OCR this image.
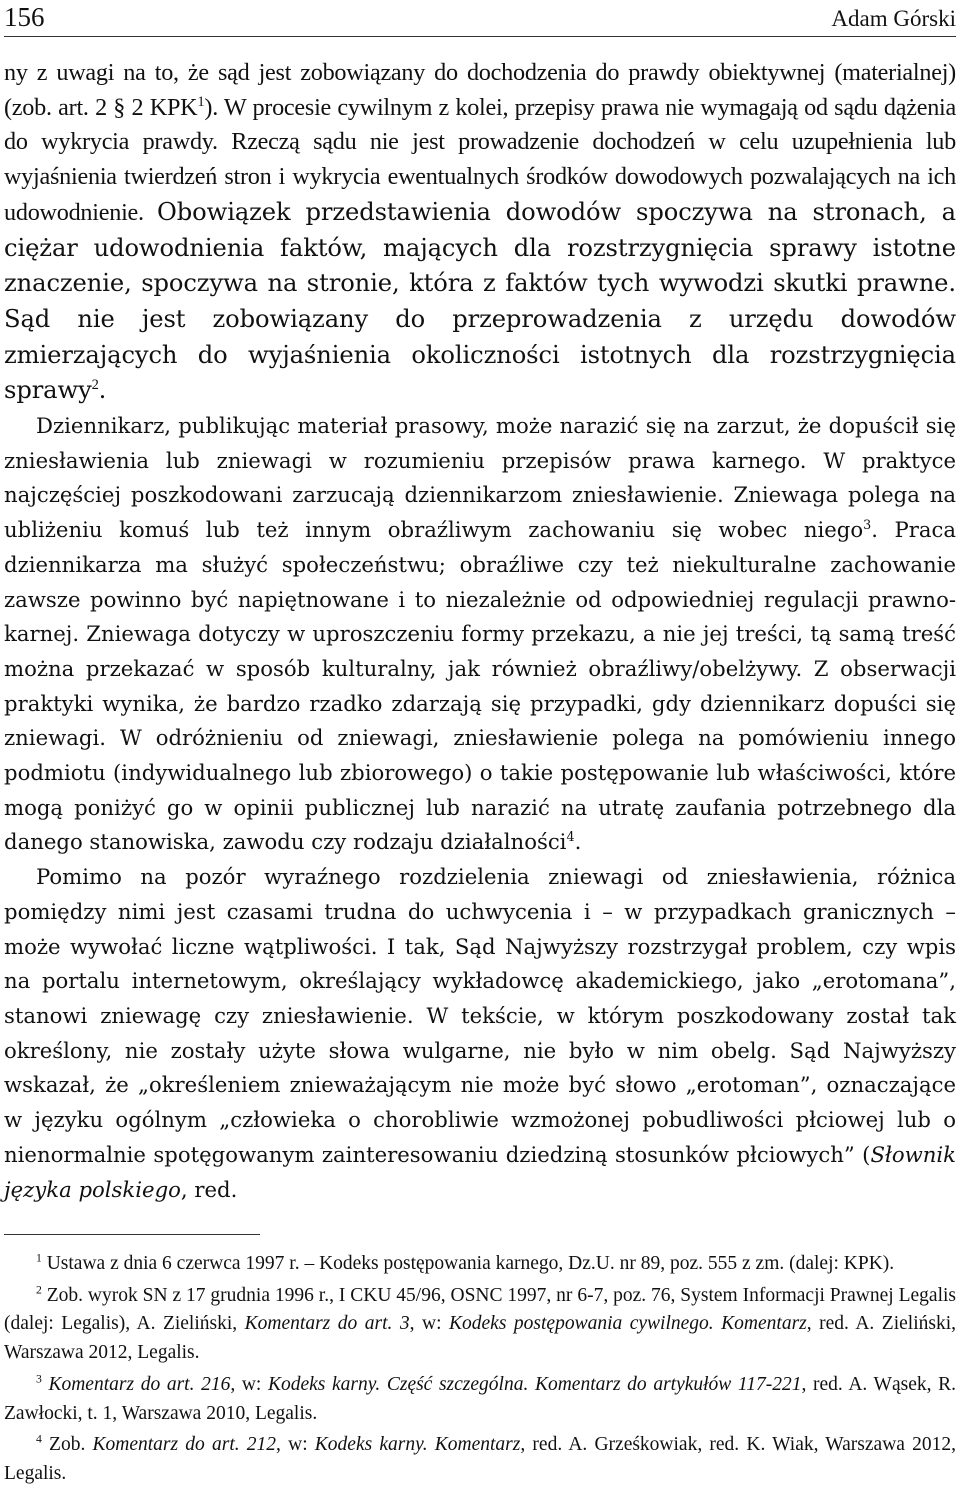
156	Adam Górski

ny z uwagi na to, że sąd jest zobowiązany do dochodzenia do prawdy obiektywnej (materialnej) (zob. art. 2 § 2 KPK$^1$). W procesie cywilnym z kolei, przepisy prawa nie wymagają od sądu dążenia do wykrycia prawdy. Rzeczą sądu nie jest prowadzenie dochodzeń w celu uzupełnienia lub wyjaśnienia twierdzeń stron i wykrycia ewentualnych środków dowodowych pozwalających na ich udowodnienie. Obowiązek przedstawienia dowodów spoczywa na stronach, a ciężar udowodnienia faktów, mających dla rozstrzygnięcia sprawy istotne znaczenie, spoczywa na stronie, która z faktów tych wywodzi skutki prawne. Sąd nie jest zobowiązany do przeprowadzenia z urzędu dowodów zmierzających do wyjaśnienia okoliczności istotnych dla rozstrzygnięcia sprawy$^2$.

Dziennikarz, publikując materiał prasowy, może narazić się na zarzut, że dopuścił się zniesławienia lub zniewagi w rozumieniu przepisów prawa karnego. W praktyce najczęściej poszkodowani zarzucają dziennikarzom zniesławienie. Zniewaga polega na ubliżeniu komuś lub też innym obraźliwym zachowaniu się wobec niego$^3$. Praca dziennikarza ma służyć społeczeństwu; obraźliwe czy też niekulturalne zachowanie zawsze powinno być napiętnowane i to niezależnie od odpowiedniej regulacji prawno-karnej. Zniewaga dotyczy w uproszczeniu formy przekazu, a nie jej treści, tą samą treść można przekazać w sposób kulturalny, jak również obraźliwy/obelżywy. Z obserwacji praktyki wynika, że bardzo rzadko zdarzają się przypadki, gdy dziennikarz dopuści się zniewagi. W odróżnieniu od zniewagi, zniesławienie polega na pomówieniu innego podmiotu (indywidualnego lub zbiorowego) o takie postępowanie lub właściwości, które mogą poniżyć go w opinii publicznej lub narazić na utratę zaufania potrzebnego dla danego stanowiska, zawodu czy rodzaju działalności$^4$.

Pomimo na pozór wyraźnego rozdzielenia zniewagi od zniesławienia, różnica pomiędzy nimi jest czasami trudna do uchwycenia i – w przypadkach granicznych – może wywołać liczne wątpliwości. I tak, Sąd Najwyższy rozstrzygał problem, czy wpis na portalu internetowym, określający wykładowcę akademickiego, jako „erotomana”, stanowi zniewagę czy zniesławienie. W tekście, w którym poszkodowany został tak określony, nie zostały użyte słowa wulgarne, nie było w nim obelg. Sąd Najwyższy wskazał, że „określeniem znieważającym nie może być słowo „erotoman”, oznaczające w języku ogólnym „człowieka o chorobliwie wzmożonej pobudliwości płciowej lub o nienormalnie spotęgowanym zainteresowaniu dziedziną stosunków płciowych” (Słownik języka polskiego, red.

$^1$ Ustawa z dnia 6 czerwca 1997 r. – Kodeks postępowania karnego, Dz.U. nr 89, poz. 555 z zm. (dalej: KPK).

$^2$ Zob. wyrok SN z 17 grudnia 1996 r., I CKU 45/96, OSNC 1997, nr 6-7, poz. 76, System Informacji Prawnej Legalis (dalej: Legalis), A. Zieliński, Komentarz do art. 3, w: Kodeks postępowania cywilnego. Komentarz, red. A. Zieliński, Warszawa 2012, Legalis.

$^3$ Komentarz do art. 216, w: Kodeks karny. Część szczególna. Komentarz do artykułów 117-221, red. A. Wąsek, R. Zawłocki, t. 1, Warszawa 2010, Legalis.

$^4$ Zob. Komentarz do art. 212, w: Kodeks karny. Komentarz, red. A. Grześkowiak, red. K. Wiak, Warszawa 2012, Legalis.
